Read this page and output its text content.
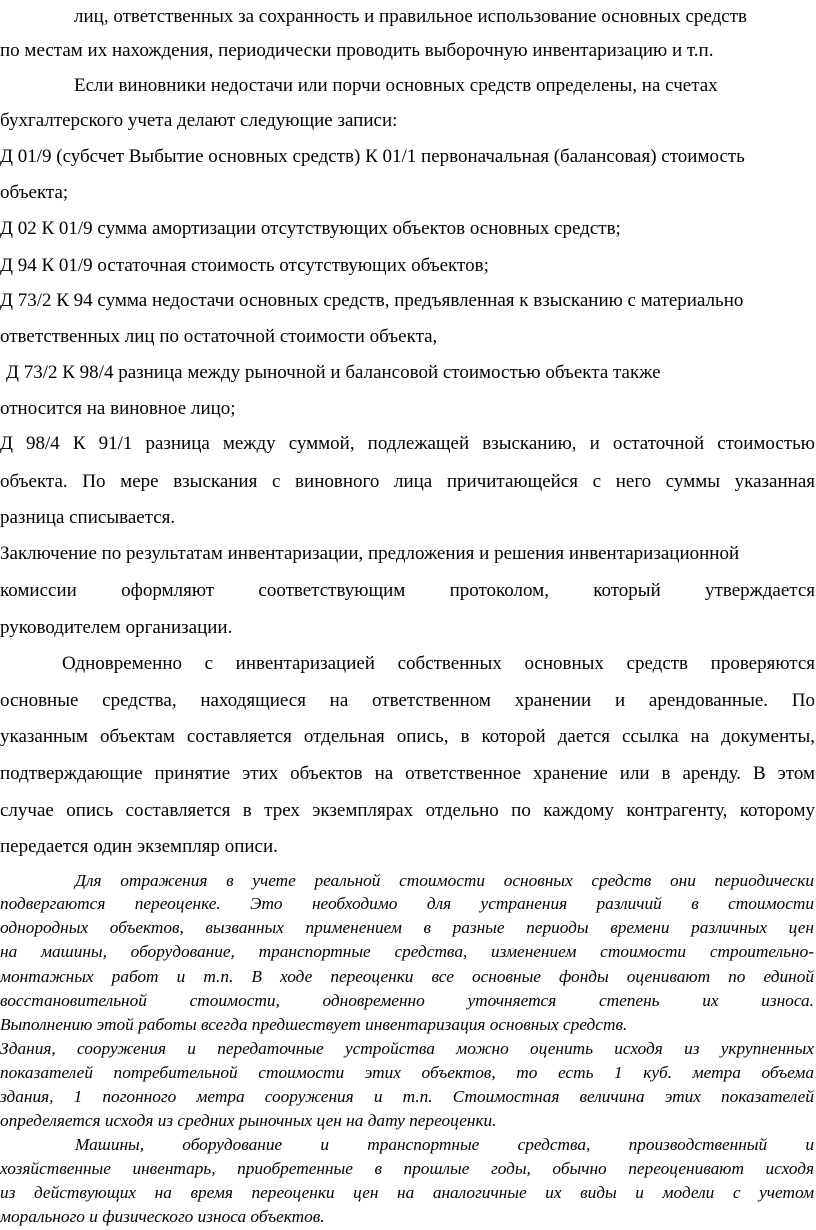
лиц, ответственных за сохранность и правильное использование основных средств
по местам их нахождения, периодически проводить выборочную инвентаризацию и т.п.
Если виновники недостачи или порчи основных средств определены, на счетах
бухгалтерского учета делают следующие записи:
Д 01/9 (субсчет Выбытие основных средств) К 01/1 первоначальная (балансовая) стоимость
объекта;
Д 02 К 01/9 сумма амортизации отсутствующих объектов основных средств;
Д 94 К 01/9 остаточная стоимость отсутствующих объектов;
Д 73/2 К 94 сумма недостачи основных средств, предъявленная к взысканию с материально
ответственных лиц по остаточной стоимости объекта,
Д 73/2 К 98/4 разница между рыночной и балансовой стоимостью объекта также
относится на виновное лицо;
Д 98/4 К 91/1 разница между суммой, подлежащей взысканию, и остаточной стоимостью
объекта. По мере взыскания с виновного лица причитающейся с него суммы указанная
разница списывается.
Заключение по результатам инвентаризации, предложения и решения инвентаризационной
комиссии оформляют соответствующим протоколом, который утверждается
руководителем организации.
Одновременно с инвентаризацией собственных основных средств проверяются
основные средства, находящиеся на ответственном хранении и арендованные. По
указанным объектам составляется отдельная опись, в которой дается ссылка на документы,
подтверждающие принятие этих объектов на ответственное хранение или в аренду. В этом
случае опись составляется в трех экземплярах отдельно по каждому контрагенту, которому
передается один экземпляр описи.
Для отражения в учете реальной стоимости основных средств они периодически
подвергаются переоценке. Это необходимо для устранения различий в стоимости
однородных объектов, вызванных применением в разные периоды времени различных цен
на машины, оборудование, транспортные средства, изменением стоимости строительно-
монтажных работ и т.п. В ходе переоценки все основные фонды оценивают по единой
восстановительной стоимости, одновременно уточняется степень их износа.
Выполнению этой работы всегда предшествует инвентаризация основных средств.
Здания, сооружения и передаточные устройства можно оценить исходя из укрупненных
показателей потребительной стоимости этих объектов, то есть 1 куб. метра объема
здания, 1 погонного метра сооружения и т.п. Стоимостная величина этих показателей
определяется исходя из средних рыночных цен на дату переоценки.
Машины, оборудование и транспортные средства, производственный и
хозяйственные инвентарь, приобретенные в прошлые годы, обычно переоценивают исходя
из действующих на время переоценки цен на аналогичные их виды и модели с учетом
морального и физического износа объектов.
